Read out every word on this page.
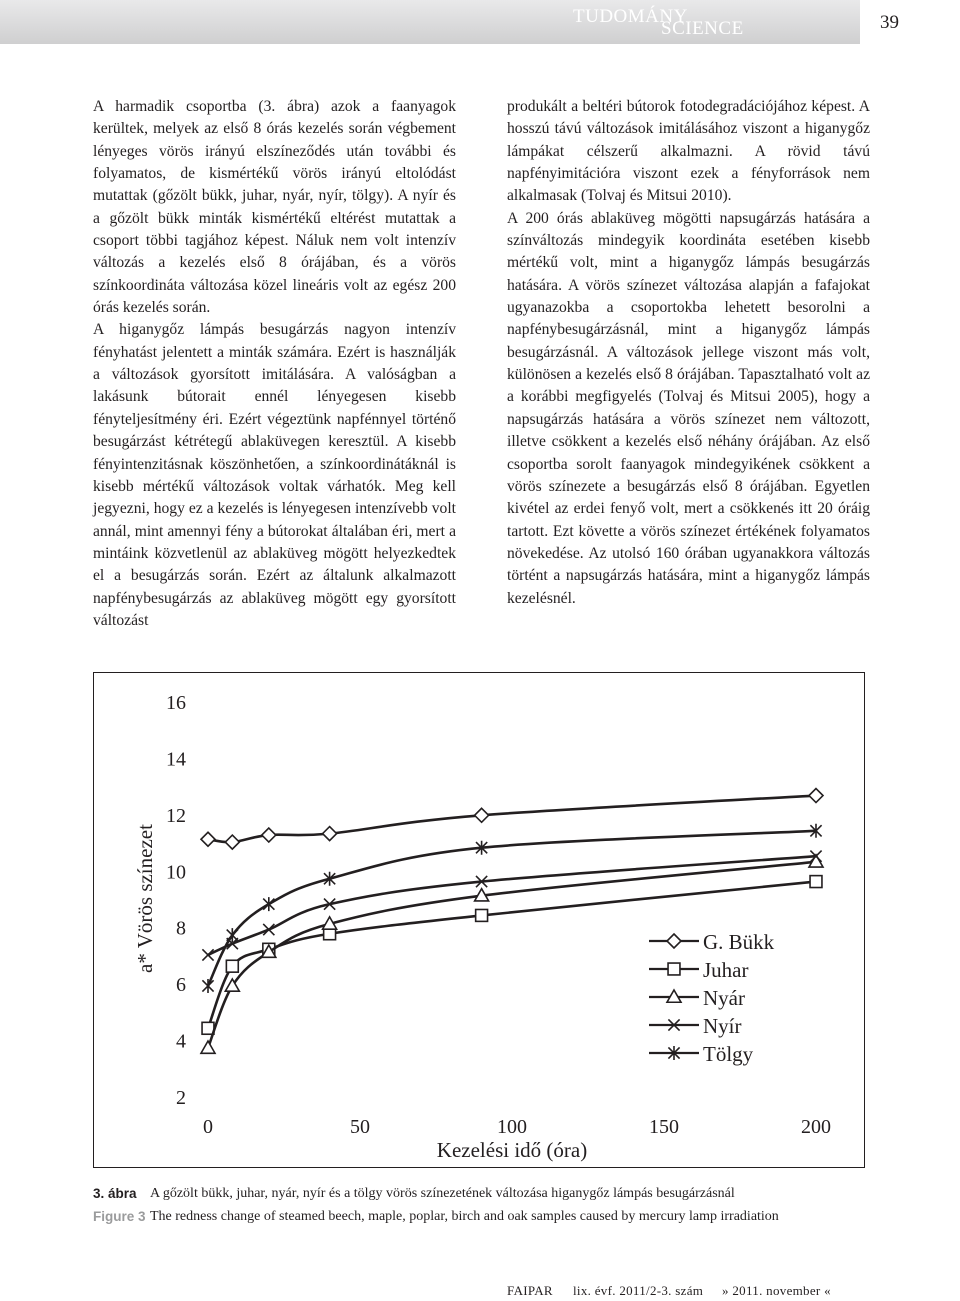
TUDOMÁNY
SCIENCE	39

A harmadik csoportba (3. ábra) azok a faanyagok kerültek, melyek az első 8 órás kezelés során végbement lényeges vörös irányú elszíneződés után további és folyamatos, de kismértékű vörös irányú eltolódást mutattak (gőzölt bükk, juhar, nyár, nyír, tölgy). A nyír és a gőzölt bükk minták kismértékű eltérést mutattak a csoport többi tagjához képest. Náluk nem volt intenzív változás a kezelés első 8 órájában, és a vörös színkoordináta változása közel lineáris volt az egész 200 órás kezelés során.

A higanygőz lámpás besugárzás nagyon intenzív fényhatást jelentett a minták számára. Ezért is használják a változások gyorsított imitálására. A valóságban a lakásunk bútorait ennél lényegesen kisebb fényteljesítmény éri. Ezért végeztünk napfénnyel történő besugárzást kétrétegű ablaküvegen keresztül. A kisebb fényintenzitásnak köszönhetően, a színkoordinátáknál is kisebb mértékű változások voltak várhatók. Meg kell jegyezni, hogy ez a kezelés is lényegesen intenzívebb volt annál, mint amennyi fény a bútorokat általában éri, mert a mintáink közvetlenül az ablaküveg mögött helyezkedtek el a besugárzás során. Ezért az általunk alkalmazott napfénybesugárzás az ablaküveg mögött egy gyorsított változást

produkált a beltéri bútorok fotodegradációjához képest. A hosszú távú változások imitálásához viszont a higanygőz lámpákat célszerű alkalmazni. A rövid távú napfényimitációra viszont ezek a fényforrások nem alkalmasak (Tolvaj és Mitsui 2010).

A 200 órás ablaküveg mögötti napsugárzás hatására a színváltozás mindegyik koordináta esetében kisebb mértékű volt, mint a higanygőz lámpás besugárzás hatására. A vörös színezet változása alapján a fafajokat ugyanazokba a csoportokba lehetett besorolni a napfénybesugárzásnál, mint a higanygőz lámpás besugárzásnál. A változások jellege viszont más volt, különösen a kezelés első 8 órájában. Tapasztalható volt az a korábbi megfigyelés (Tolvaj és Mitsui 2005), hogy a napsugárzás hatására a vörös színezet nem változott, illetve csökkent a kezelés első néhány órájában. Az első csoportba sorolt faanyagok mindegyikének csökkent a vörös színezete a besugárzás első 8 órájában. Egyetlen kivétel az erdei fenyő volt, mert a csökkenés itt 20 óráig tartott. Ezt követte a vörös színezet értékének folyamatos növekedése. Az utolsó 160 órában ugyanakkora változás történt a napsugárzás hatására, mint a higanygőz lámpás kezelésnél.

2
4
6
8
10
12
14
16
0	50	100	150	200
Kezelési idő (óra)
a* Vörös színezet	G. Bükk
Juhar
Nyár
Nyír
Tölgy
3. ábra A gőzölt bükk, juhar, nyár, nyír és a tölgy vörös színezetének változása higanygőz lámpás besugárzásnál
Figure 3 The redness change of steamed beech, maple, poplar, birch and oak samples caused by mercury lamp irradiation
FAIPAR lix. évf. 2011/2-3. szám » 2011. november «
